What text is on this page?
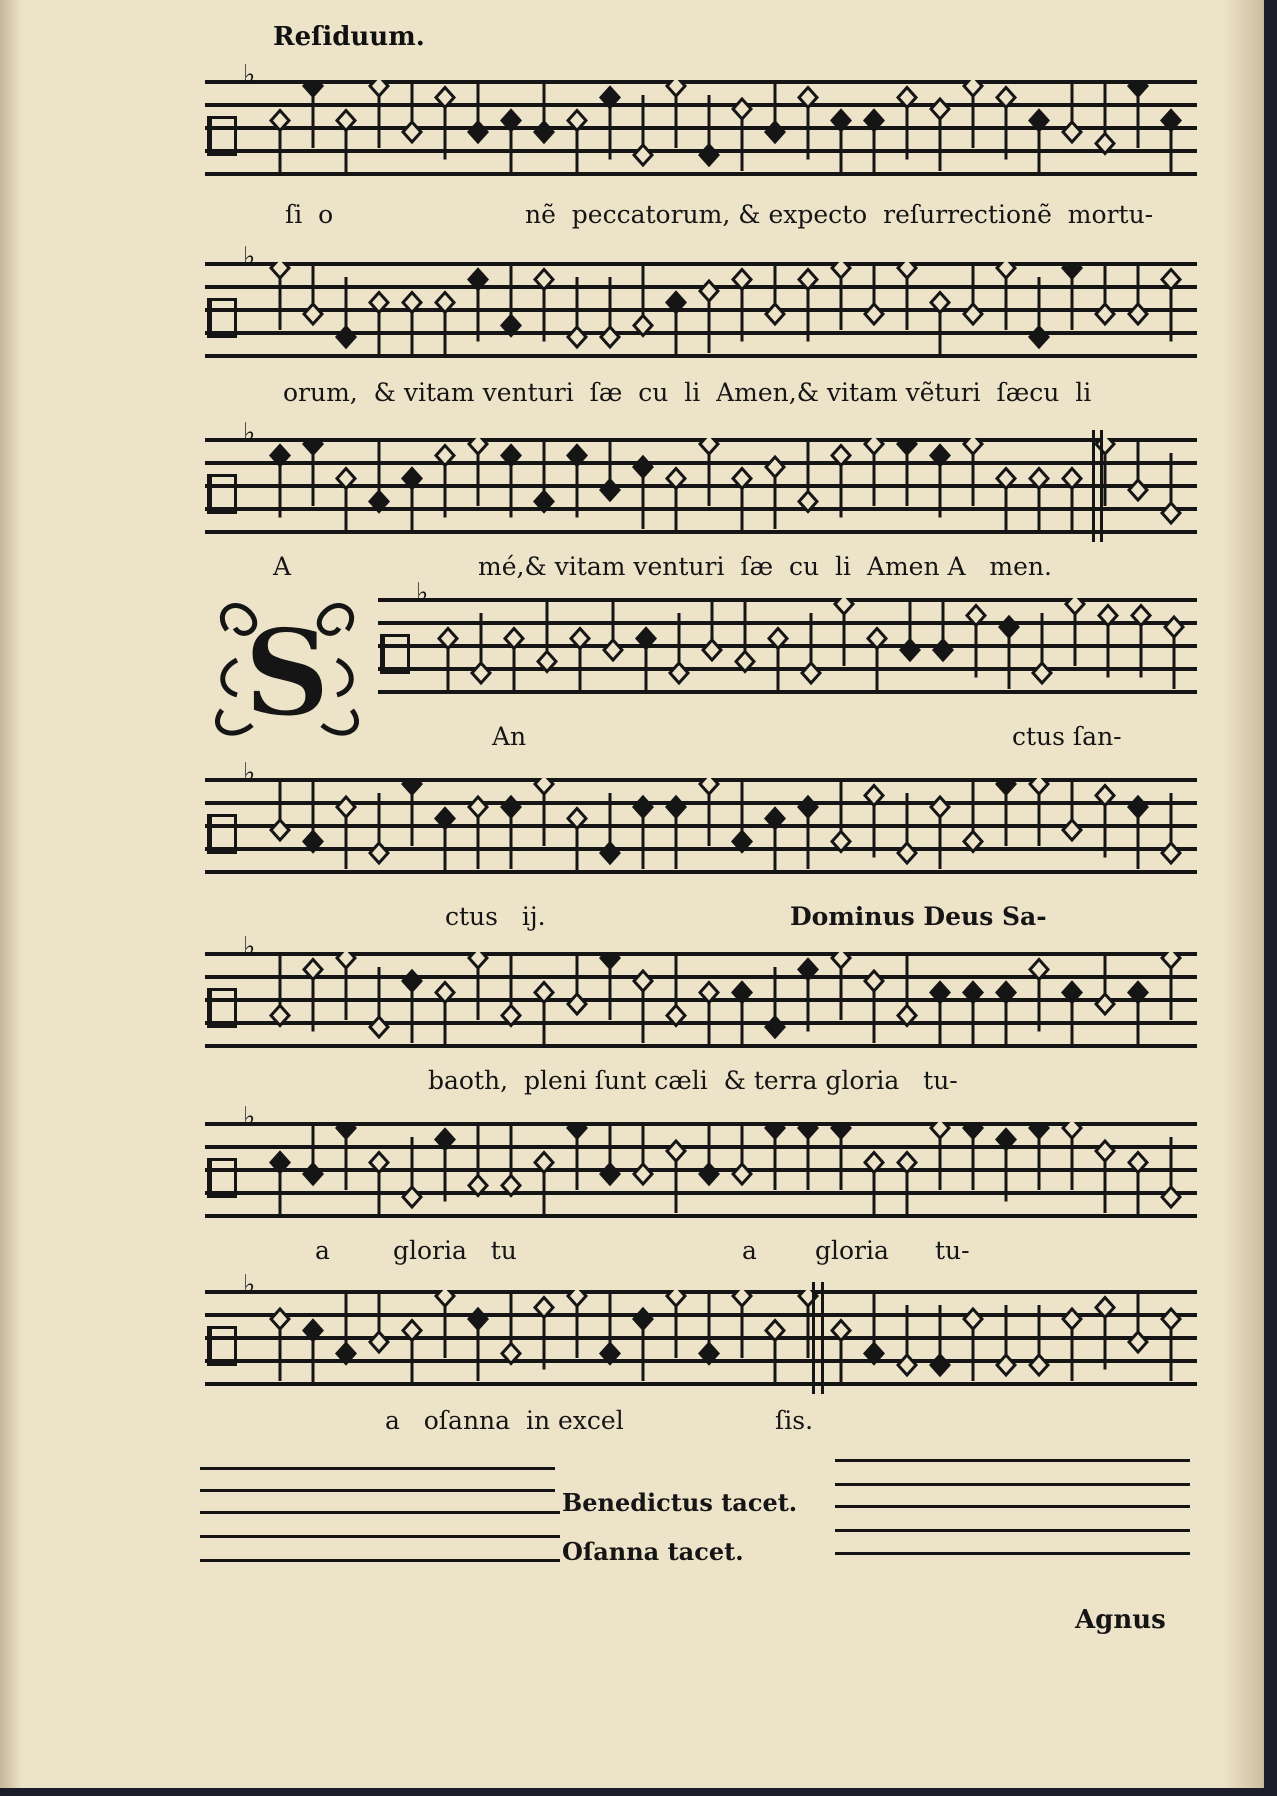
Reſiduum.
♭
ſi  o	nẽ  peccatorum, & expecto  reſurrectionẽ  mortu-
♭
orum,  & vitam venturi  ſæ  cu  li  Amen,& vitam vẽturi  ſæcu  li
♭
A	mé,& vitam venturi  ſæ  cu  li  Amen A   men.
S
♭
An	ctus ſan-
♭
ctus   ij.	Dominus Deus Sa-
♭
baoth,  pleni ſunt cæli  & terra gloria   tu-
♭
a	gloria   tu	a gloria tu-
♭
a   oſanna  in excel	ſis.
Benedictus tacet.
Oſanna tacet.
Agnus
